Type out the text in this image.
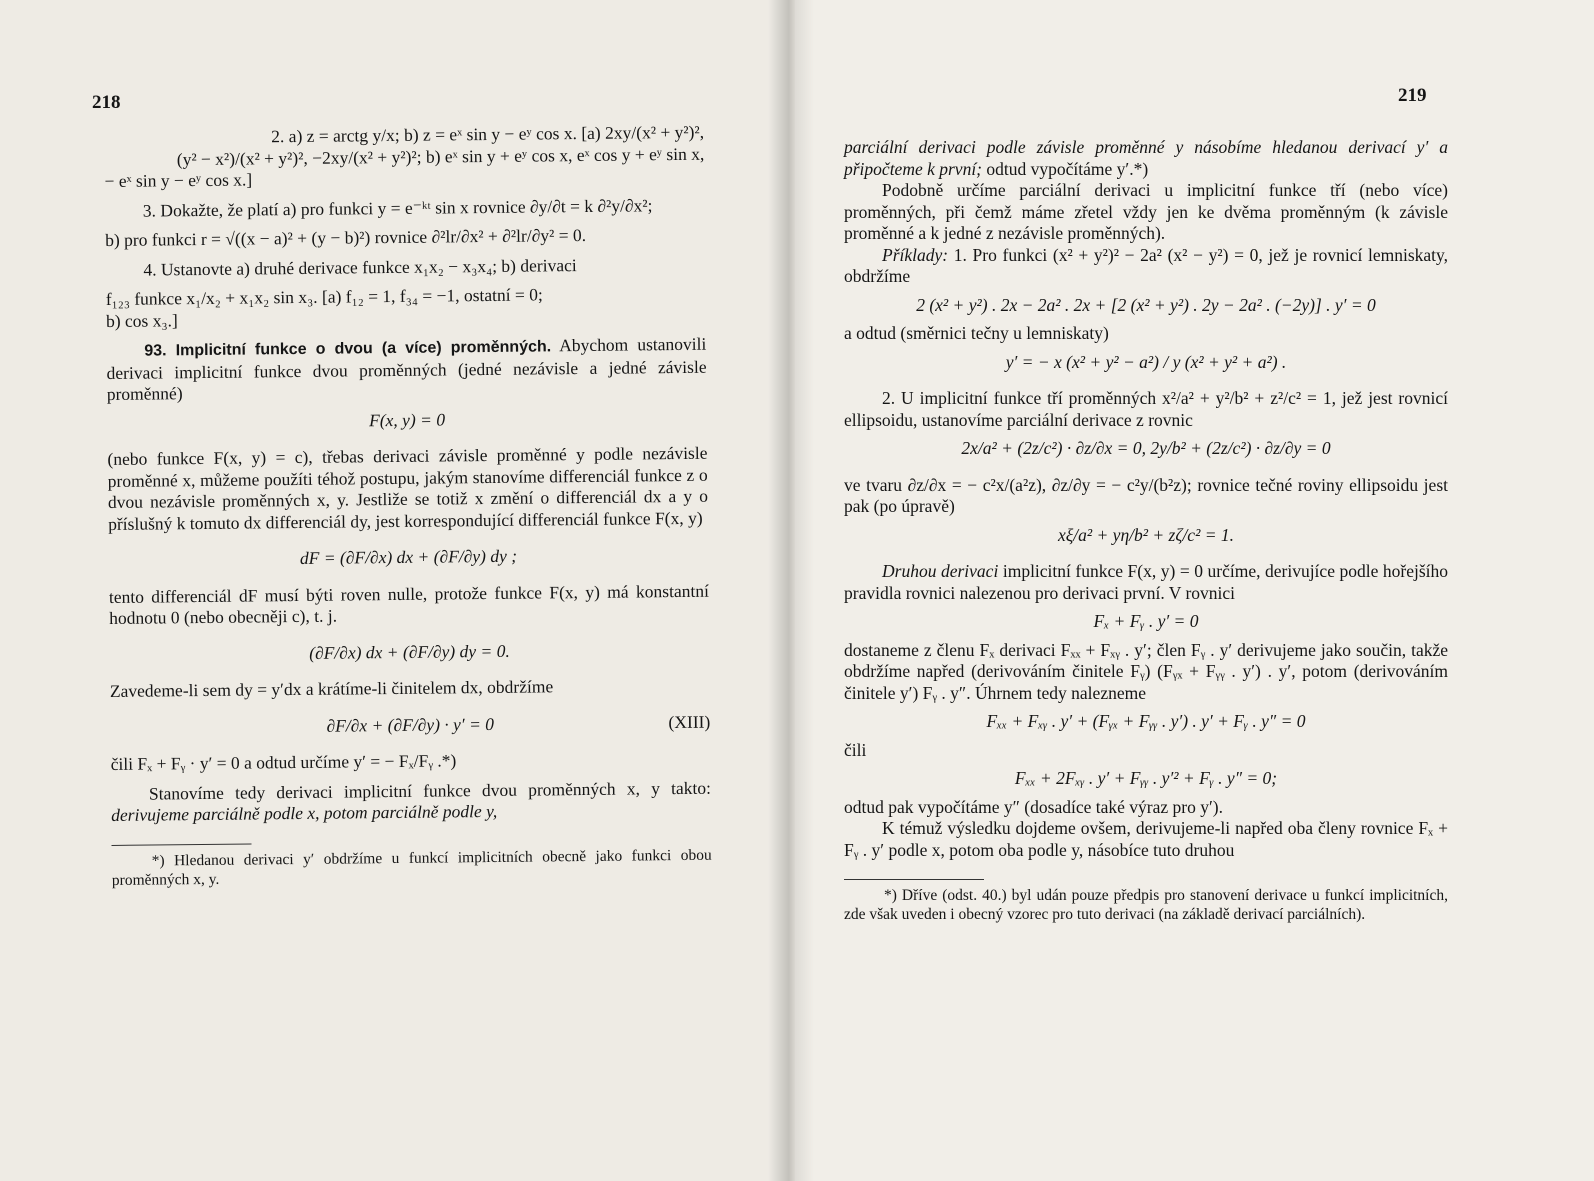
218

2. a) z = arctg y/x; b) z = eˣ sin y − eʸ cos x. [a) 2xy/(x² + y²)²,

(y² − x²)/(x² + y²)², −2xy/(x² + y²)²; b) eˣ sin y + eʸ cos x, eˣ cos y + eʸ sin x,

− eˣ sin y − eʸ cos x.]

3. Dokažte, že platí a) pro funkci y = e⁻ᵏᵗ sin x rovnice ∂y/∂t = k ∂²y/∂x²;

b) pro funkci r = √((x − a)² + (y − b)²) rovnice ∂²lr/∂x² + ∂²lr/∂y² = 0.

4. Ustanovte a) druhé derivace funkce x₁x₂ − x₃x₄; b) derivaci

f₁₂₃ funkce x₁/x₂ + x₁x₂ sin x₃. [a) f₁₂ = 1, f₃₄ = −1, ostatní = 0;

b) cos x₃.]

93. Implicitní funkce o dvou (a více) proměnných. Abychom ustanovili derivaci implicitní funkce dvou proměnných (jedné nezávisle a jedné závisle proměnné)

F(x, y) = 0

(nebo funkce F(x, y) = c), třebas derivaci závisle proměnné y podle nezávisle proměnné x, můžeme použíti téhož postupu, jakým stanovíme differenciál funkce z o dvou nezávisle proměnných x, y. Jestliže se totiž x změní o differenciál dx a y o příslušný k tomuto dx differenciál dy, jest korrespondující differenciál funkce F(x, y)

dF = (∂F/∂x) dx + (∂F/∂y) dy ;

tento differenciál dF musí býti roven nulle, protože funkce F(x, y) má konstantní hodnotu 0 (nebo obecněji c), t. j.

(∂F/∂x) dx + (∂F/∂y) dy = 0.

Zavedeme-li sem dy = y′dx a krátíme-li činitelem dx, obdržíme

∂F/∂x + (∂F/∂y) · y′ = 0	(XIII)

čili Fₓ + Fᵧ · y′ = 0 a odtud určíme y′ = − Fₓ/Fᵧ .*)

Stanovíme tedy derivaci implicitní funkce dvou proměnných x, y takto: derivujeme parciálně podle x, potom parciálně podle y,

*) Hledanou derivaci y′ obdržíme u funkcí implicitních obecně jako funkci obou proměnných x, y.

219

parciální derivaci podle závisle proměnné y násobíme hledanou derivací y′ a připočteme k první; odtud vypočítáme y′.*)

Podobně určíme parciální derivaci u implicitní funkce tří (nebo více) proměnných, při čemž máme zřetel vždy jen ke dvěma proměnným (k závisle proměnné a k jedné z nezávisle proměnných).

Příklady: 1. Pro funkci (x² + y²)² − 2a² (x² − y²) = 0, jež je rovnicí lemniskaty, obdržíme

2 (x² + y²) . 2x − 2a² . 2x + [2 (x² + y²) . 2y − 2a² . (−2y)] . y′ = 0

a odtud (směrnici tečny u lemniskaty)

y′ = − x (x² + y² − a²) / y (x² + y² + a²) .

2. U implicitní funkce tří proměnných x²/a² + y²/b² + z²/c² = 1, jež jest rovnicí ellipsoidu, ustanovíme parciální derivace z rovnic

2x/a² + (2z/c²) · ∂z/∂x = 0, 2y/b² + (2z/c²) · ∂z/∂y = 0

ve tvaru ∂z/∂x = − c²x/(a²z), ∂z/∂y = − c²y/(b²z); rovnice tečné roviny ellipsoidu jest pak (po úpravě)

xξ/a² + yη/b² + zζ/c² = 1.

Druhou derivaci implicitní funkce F(x, y) = 0 určíme, derivujíce podle hořejšího pravidla rovnici nalezenou pro derivaci první. V rovnici

Fₓ + Fᵧ . y′ = 0

dostaneme z členu Fₓ derivaci Fₓₓ + Fₓᵧ . y′; člen Fᵧ . y′ derivujeme jako součin, takže obdržíme napřed (derivováním činitele Fᵧ) (Fᵧₓ + Fᵧᵧ . y′) . y′, potom (derivováním činitele y′) Fᵧ . y″. Úhrnem tedy nalezneme

Fₓₓ + Fₓᵧ . y′ + (Fᵧₓ + Fᵧᵧ . y′) . y′ + Fᵧ . y″ = 0

čili

Fₓₓ + 2Fₓᵧ . y′ + Fᵧᵧ . y′² + Fᵧ . y″ = 0;

odtud pak vypočítáme y″ (dosadíce také výraz pro y′).

K témuž výsledku dojdeme ovšem, derivujeme-li napřed oba členy rovnice Fₓ + Fᵧ . y′ podle x, potom oba podle y, násobíce tuto druhou

*) Dříve (odst. 40.) byl udán pouze předpis pro stanovení derivace u funkcí implicitních, zde však uveden i obecný vzorec pro tuto derivaci (na základě derivací parciálních).
